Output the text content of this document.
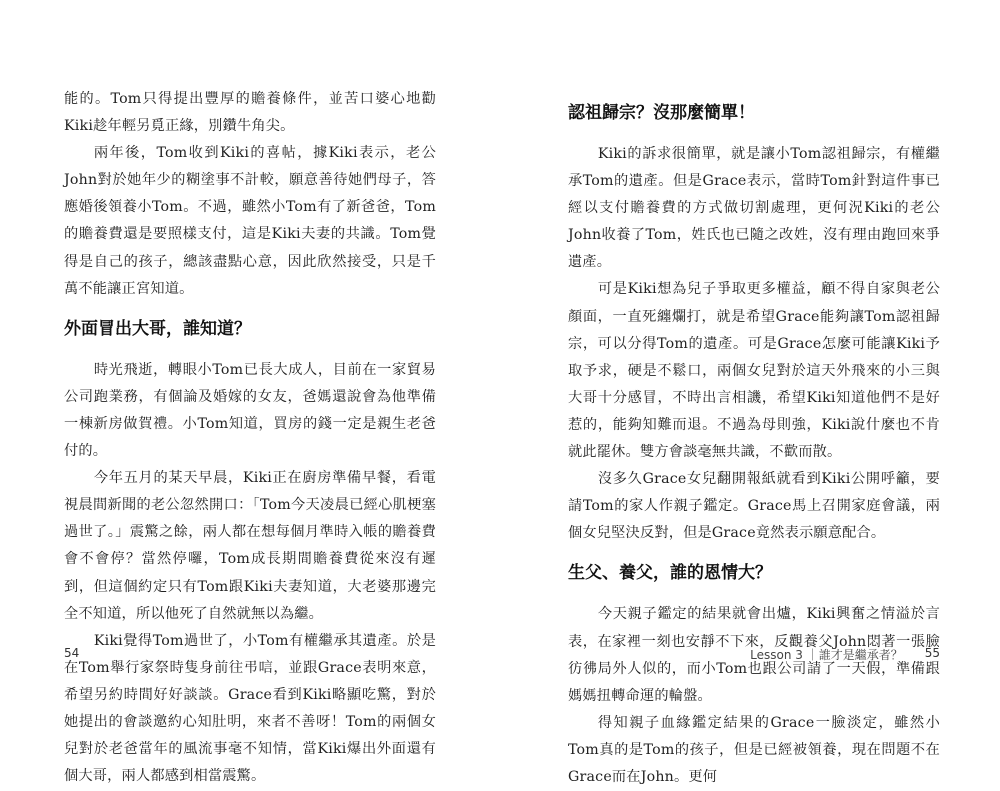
能的。Tom只得提出豐厚的贍養條件，並苦口婆心地勸Kiki趁年輕另覓正緣，別鑽牛角尖。

兩年後，Tom收到Kiki的喜帖，據Kiki表示，老公John對於她年少的糊塗事不計較，願意善待她們母子，答應婚後領養小Tom。不過，雖然小Tom有了新爸爸，Tom的贍養費還是要照樣支付，這是Kiki夫妻的共識。Tom覺得是自己的孩子，總該盡點心意，因此欣然接受，只是千萬不能讓正宮知道。

外面冒出大哥，誰知道？

時光飛逝，轉眼小Tom已長大成人，目前在一家貿易公司跑業務，有個論及婚嫁的女友，爸媽還說會為他準備一棟新房做賀禮。小Tom知道，買房的錢一定是親生老爸付的。

今年五月的某天早晨，Kiki正在廚房準備早餐，看電視晨間新聞的老公忽然開口：「Tom今天凌晨已經心肌梗塞過世了。」震驚之餘，兩人都在想每個月準時入帳的贍養費會不會停？當然停囉，Tom成長期間贍養費從來沒有遲到，但這個約定只有Tom跟Kiki夫妻知道，大老婆那邊完全不知道，所以他死了自然就無以為繼。

Kiki覺得Tom過世了，小Tom有權繼承其遺產。於是在Tom舉行家祭時隻身前往弔唁，並跟Grace表明來意，希望另約時間好好談談。Grace看到Kiki略顯吃驚，對於她提出的會談邀約心知肚明，來者不善呀！Tom的兩個女兒對於老爸當年的風流事毫不知情，當Kiki爆出外面還有個大哥，兩人都感到相當震驚。

54
認祖歸宗？沒那麼簡單！

Kiki的訴求很簡單，就是讓小Tom認祖歸宗，有權繼承Tom的遺產。但是Grace表示，當時Tom針對這件事已經以支付贍養費的方式做切割處理，更何況Kiki的老公John收養了Tom，姓氏也已隨之改姓，沒有理由跑回來爭遺產。

可是Kiki想為兒子爭取更多權益，顧不得自家與老公顏面，一直死纏爛打，就是希望Grace能夠讓Tom認祖歸宗，可以分得Tom的遺產。可是Grace怎麼可能讓Kiki予取予求，硬是不鬆口，兩個女兒對於這天外飛來的小三與大哥十分感冒，不時出言相譏，希望Kiki知道他們不是好惹的，能夠知難而退。不過為母則強，Kiki說什麼也不肯就此罷休。雙方會談毫無共識，不歡而散。

沒多久Grace女兒翻開報紙就看到Kiki公開呼籲，要請Tom的家人作親子鑑定。Grace馬上召開家庭會議，兩個女兒堅決反對，但是Grace竟然表示願意配合。

生父、養父，誰的恩情大？

今天親子鑑定的結果就會出爐，Kiki興奮之情溢於言表，在家裡一刻也安靜不下來，反觀養父John悶著一張臉彷彿局外人似的，而小Tom也跟公司請了一天假，準備跟媽媽扭轉命運的輪盤。

得知親子血緣鑑定結果的Grace一臉淡定，雖然小Tom真的是Tom的孩子，但是已經被領養，現在問題不在Grace而在John。更何

Lesson 3 ｜誰才是繼承者？ 55
